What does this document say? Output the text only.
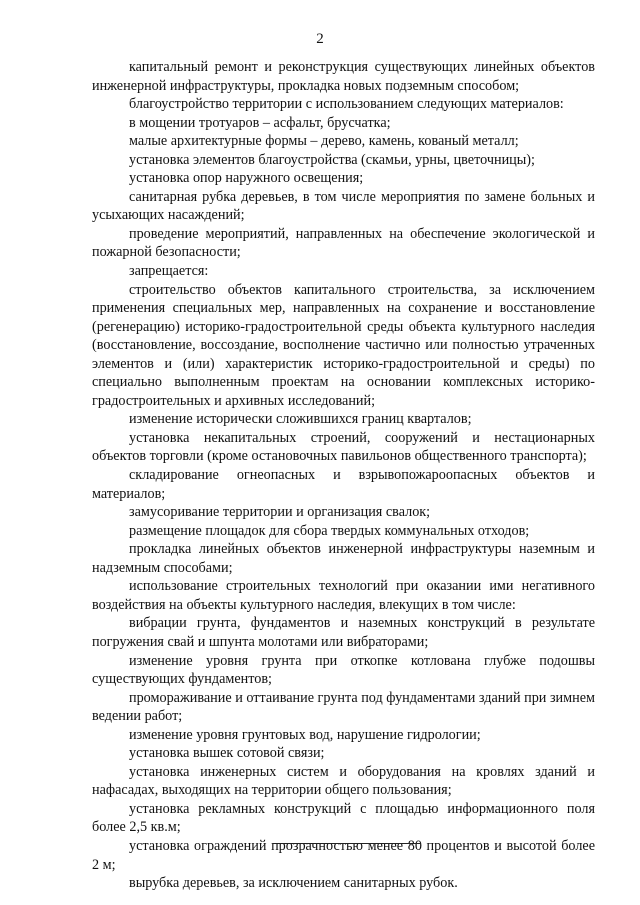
2

капитальный ремонт и реконструкция существующих линейных объектов инженерной инфраструктуры, прокладка новых подземным способом;

благоустройство территории с использованием следующих материалов:

в мощении тротуаров – асфальт, брусчатка;

малые архитектурные формы – дерево, камень, кованый металл;

установка элементов благоустройства (скамьи, урны, цветочницы);

установка опор наружного освещения;

санитарная рубка деревьев, в том числе мероприятия по замене больных и усыхающих насаждений;

проведение мероприятий, направленных на обеспечение экологической и пожарной безопасности;

запрещается:

строительство объектов капитального строительства, за исключением применения специальных мер, направленных на сохранение и восстановление (регенерацию) историко-градостроительной среды объекта культурного наследия (восстановление, воссоздание, восполнение частично или полностью утраченных элементов и (или) характеристик историко-градостроительной и среды) по специально выполненным проектам на основании комплексных историко-градостроительных и архивных исследований;

изменение исторически сложившихся границ кварталов;

установка некапитальных строений, сооружений и нестационарных объектов торговли (кроме остановочных павильонов общественного транспорта);

складирование огнеопасных и взрывопожароопасных объектов и материалов;

замусоривание территории и организация свалок;

размещение площадок для сбора твердых коммунальных отходов;

прокладка линейных объектов инженерной инфраструктуры наземным и надземным способами;

использование строительных технологий при оказании ими негативного воздействия на объекты культурного наследия, влекущих в том числе:

вибрации грунта, фундаментов и наземных конструкций в результате погружения свай и шпунта молотами или вибраторами;

изменение уровня грунта при откопке котлована глубже подошвы существующих фундаментов;

промораживание и оттаивание грунта под фундаментами зданий при зимнем ведении работ;

изменение уровня грунтовых вод, нарушение гидрологии;

установка вышек сотовой связи;

установка инженерных систем и оборудования на кровлях зданий и нафасадах, выходящих на территории общего пользования;

установка рекламных конструкций с площадью информационного поля более 2,5 кв.м;

установка ограждений прозрачностью менее 80 процентов и высотой более 2 м;

вырубка деревьев, за исключением санитарных рубок.
